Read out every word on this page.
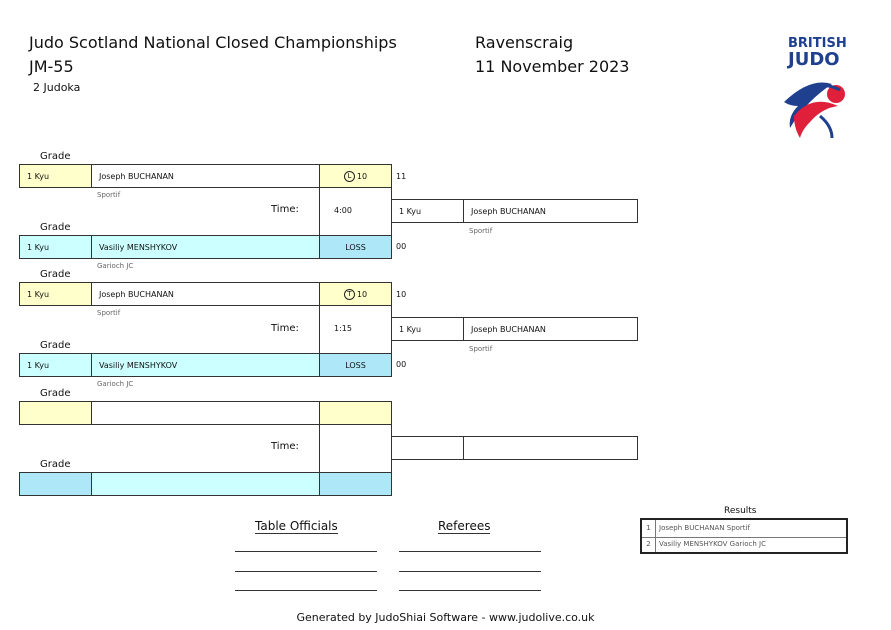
Judo Scotland National Closed Championships
JM-55
2 Judoka
Ravenscraig
11 November 2023
BRITISH
JUDO
Grade
1 Kyu	Joseph BUCHANAN	L 10	11
Sportif
Time:	4:00
Grade
1 Kyu	Vasiliy MENSHYKOV	LOSS	00
Garioch JC
1 Kyu	Joseph BUCHANAN
Sportif
Grade
1 Kyu	Joseph BUCHANAN	T 10	10
Sportif
Time:	1:15
Grade
1 Kyu	Vasiliy MENSHYKOV	LOSS	00
Garioch JC
1 Kyu	Joseph BUCHANAN
Sportif
Grade
Time:
Grade
Table Officials	Referees
Results
1	Joseph BUCHANAN Sportif
2	Vasiliy MENSHYKOV Garioch JC
Generated by JudoShiai Software - www.judolive.co.uk
